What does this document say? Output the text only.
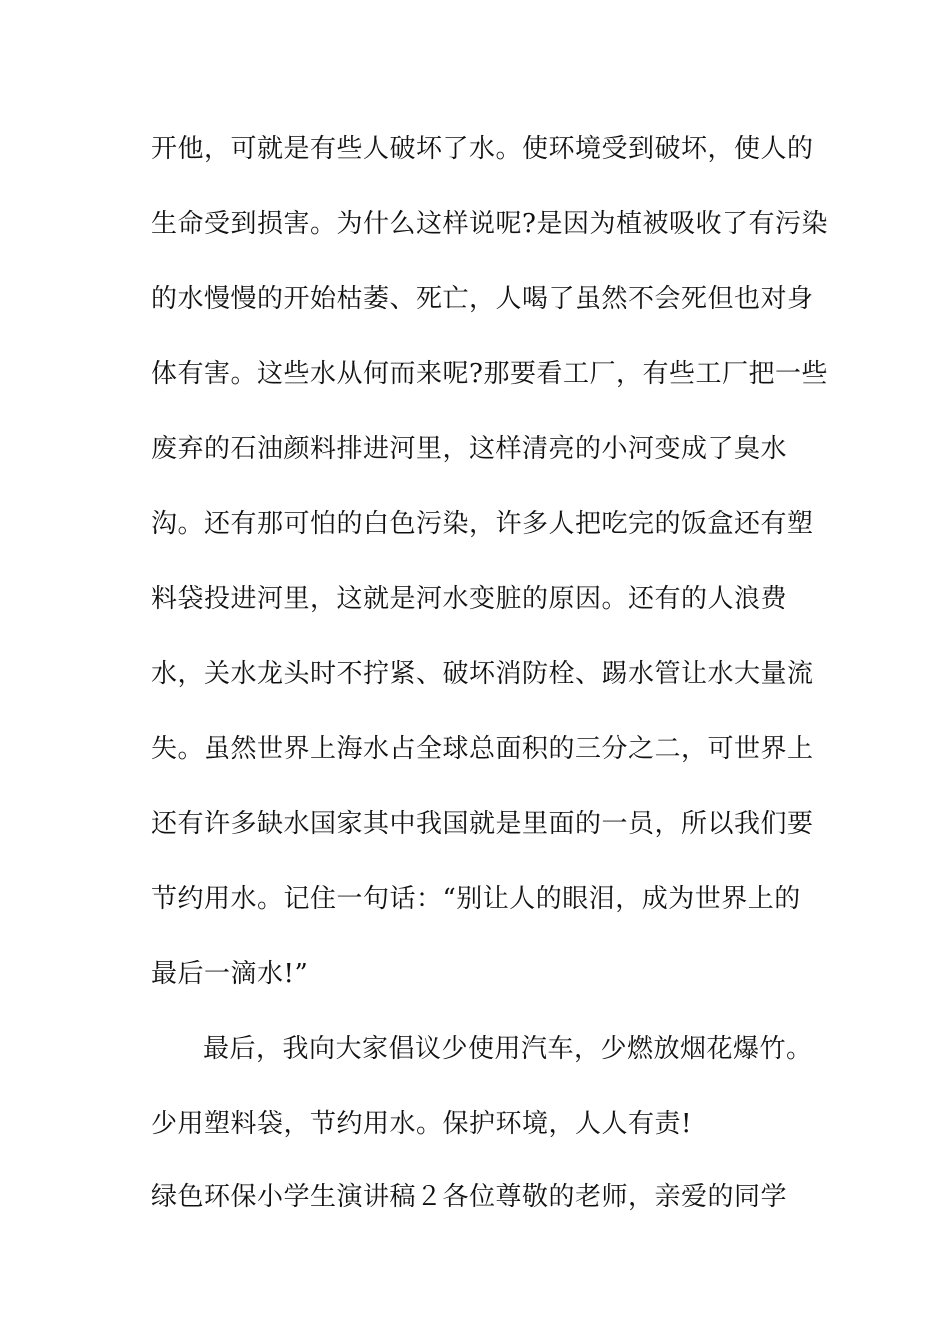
开他，可就是有些人破坏了水。使环境受到破坏，使人的
生命受到损害。为什么这样说呢?是因为植被吸收了有污染
的水慢慢的开始枯萎、死亡，人喝了虽然不会死但也对身
体有害。这些水从何而来呢?那要看工厂，有些工厂把一些
废弃的石油颜料排进河里，这样清亮的小河变成了臭水
沟。还有那可怕的白色污染，许多人把吃完的饭盒还有塑
料袋投进河里，这就是河水变脏的原因。还有的人浪费
水，关水龙头时不拧紧、破坏消防栓、踢水管让水大量流
失。虽然世界上海水占全球总面积的三分之二，可世界上
还有许多缺水国家其中我国就是里面的一员，所以我们要
节约用水。记住一句话：“别让人的眼泪，成为世界上的
最后一滴水!”
最后，我向大家倡议少使用汽车，少燃放烟花爆竹。
少用塑料袋，节约用水。保护环境，人人有责!
绿色环保小学生演讲稿２各位尊敬的老师，亲爱的同学
